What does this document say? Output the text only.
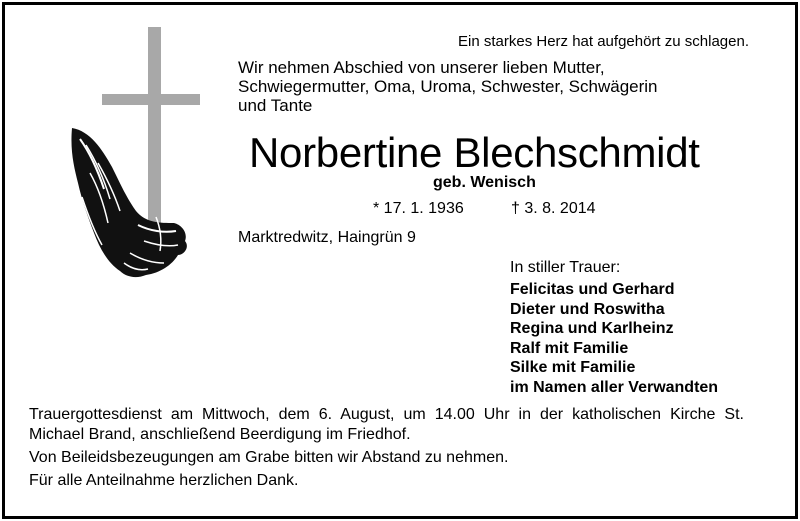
Ein starkes Herz hat aufgehört zu schlagen.
Wir nehmen Abschied von unserer lieben Mutter,
Schwiegermutter, Oma, Uroma, Schwester, Schwägerin
und Tante
Norbertine Blechschmidt
geb. Wenisch
* 17. 1. 1936	† 3. 8. 2014
Marktredwitz, Haingrün 9
In stiller Trauer:
Felicitas und Gerhard
Dieter und Roswitha
Regina und Karlheinz
Ralf mit Familie
Silke mit Familie
im Namen aller Verwandten
Trauergottesdienst am Mittwoch, dem 6. August, um 14.00 Uhr in der katholischen Kirche St. Michael Brand, anschließend Beerdigung im Friedhof.
Von Beileidsbezeugungen am Grabe bitten wir Abstand zu nehmen.
Für alle Anteilnahme herzlichen Dank.
